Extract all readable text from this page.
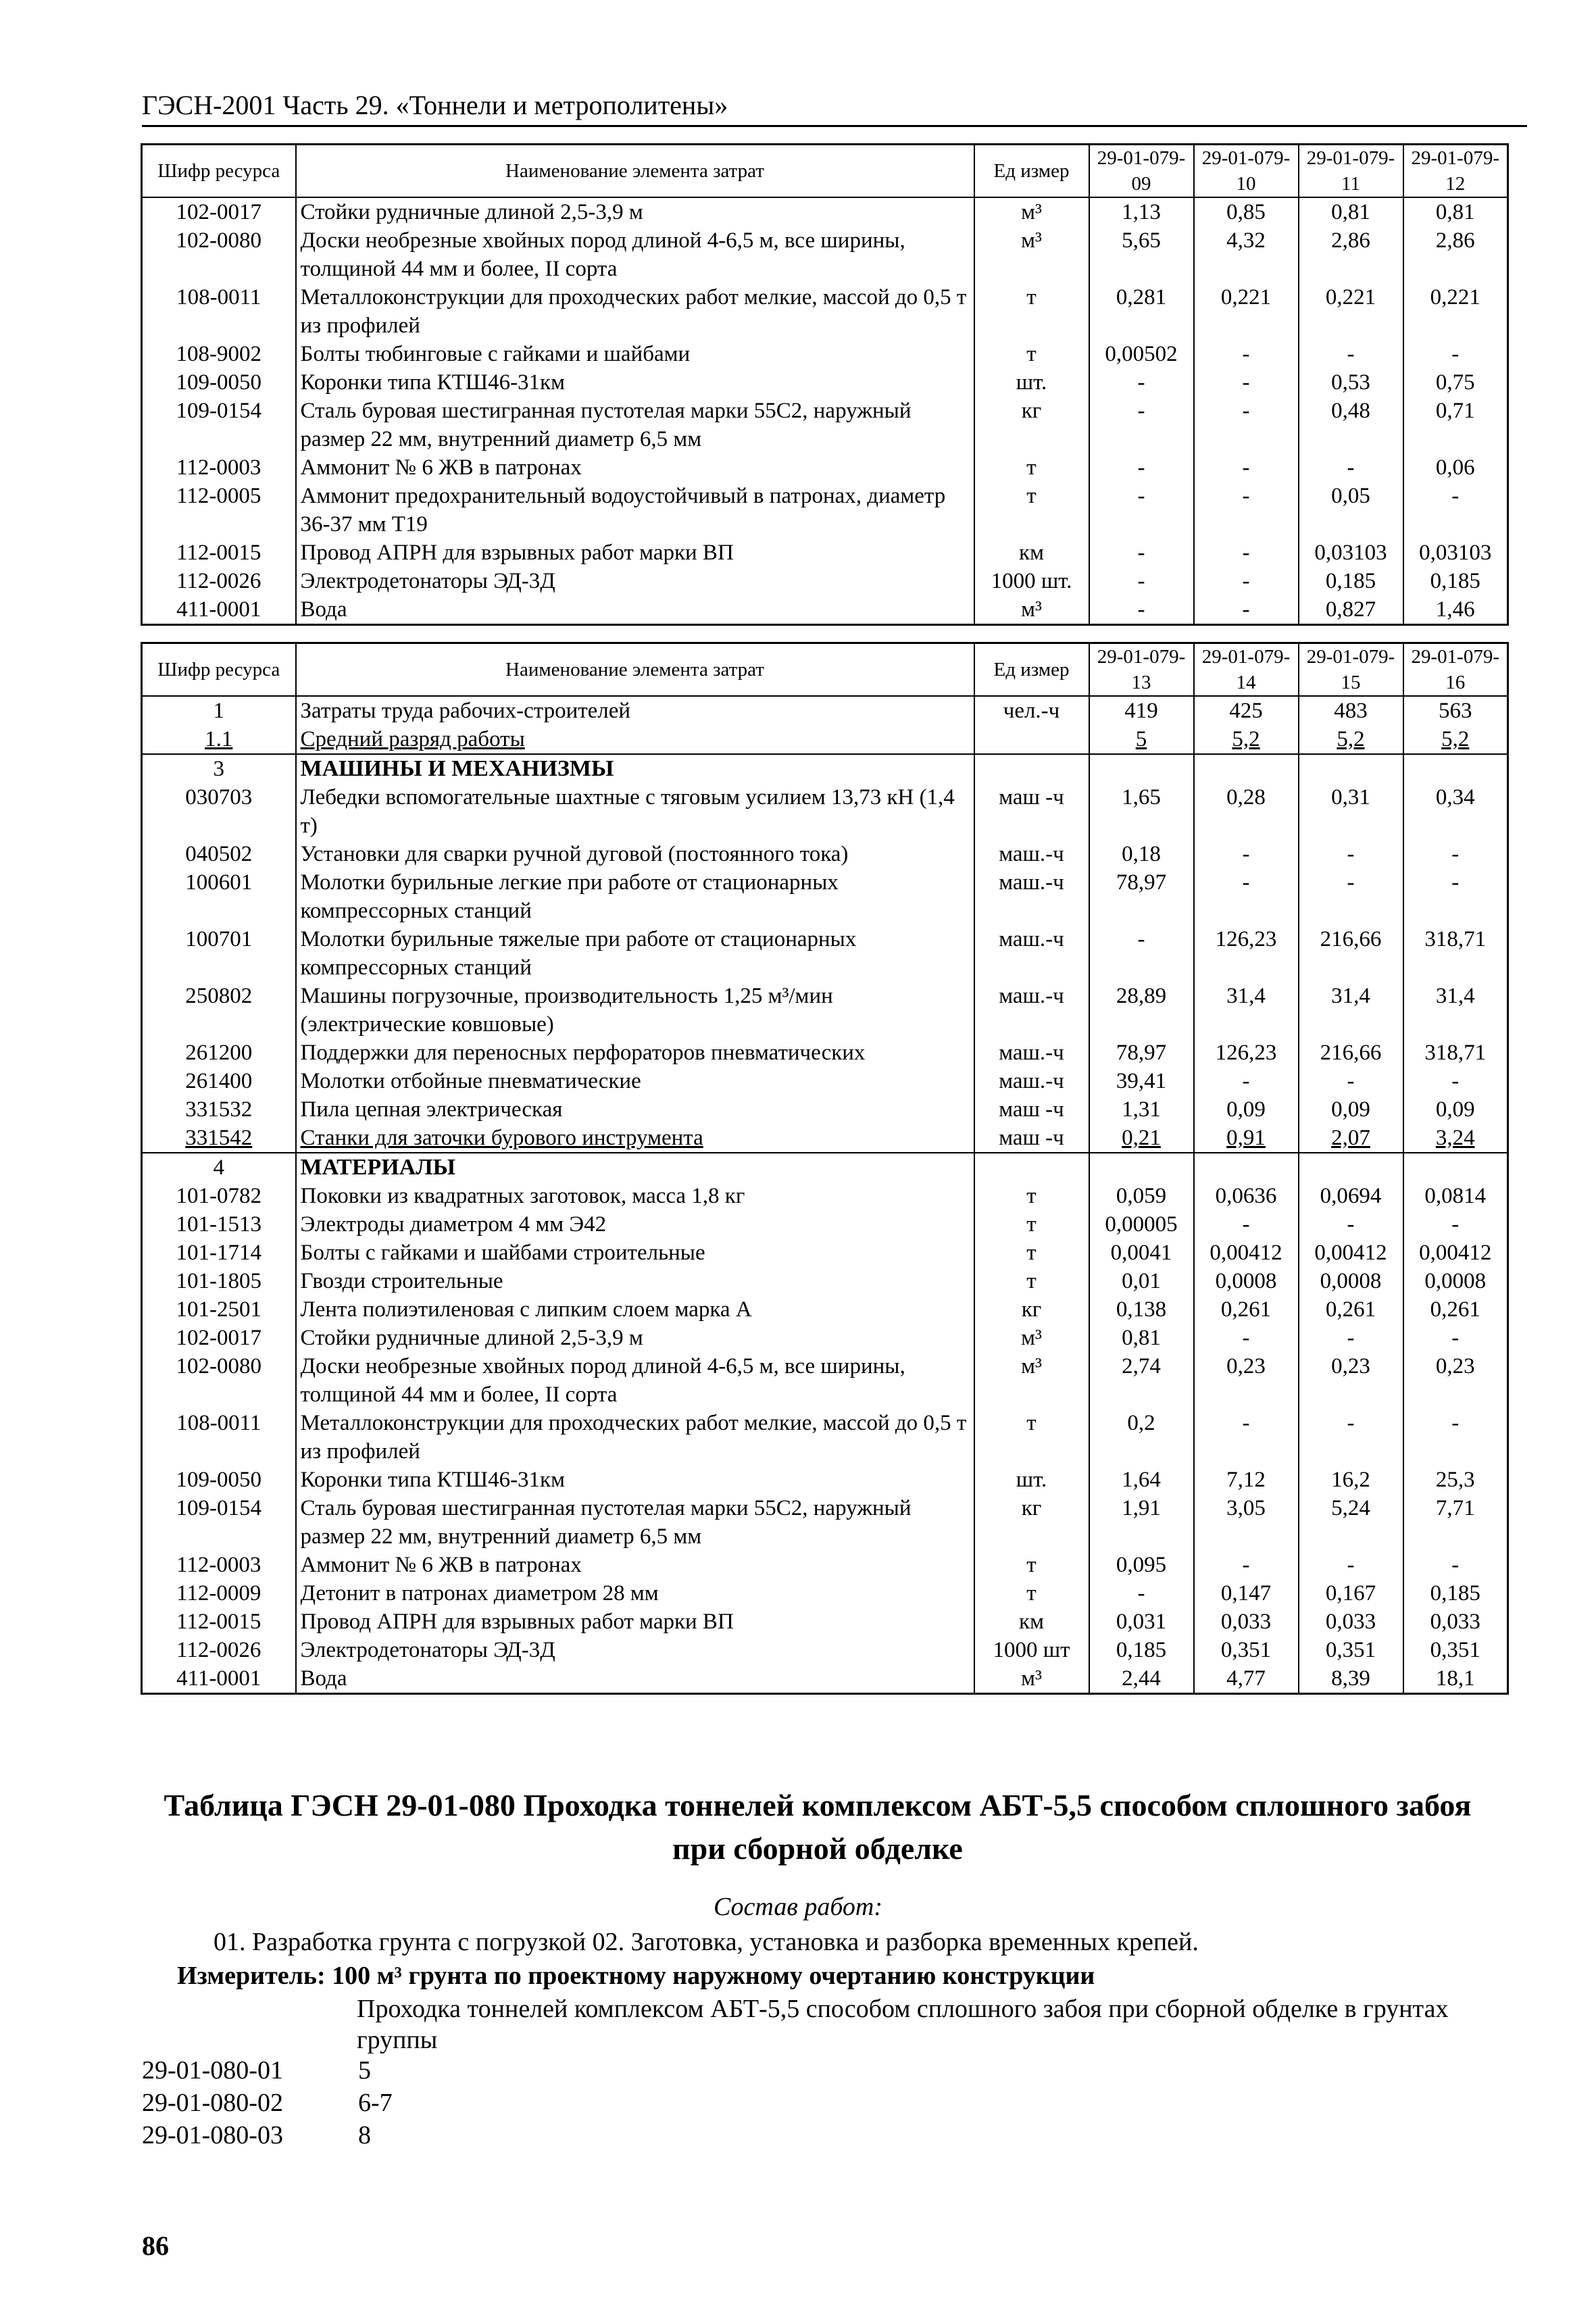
ГЭСН-2001 Часть 29. «Тоннели и метрополитены»
Шифр ресурса	Наименование элемента затрат	Ед измер	29-01-079-09	29-01-079-10	29-01-079-11	29-01-079-12
102-0017	Стойки рудничные длиной 2,5-3,9 м	м³	1,13	0,85	0,81	0,81
102-0080	Доски необрезные хвойных пород длиной 4-6,5 м, все ширины, толщиной 44 мм и более, II сорта	м³	5,65	4,32	2,86	2,86
108-0011	Металлоконструкции для проходческих работ мелкие, массой до 0,5 т из профилей	т	0,281	0,221	0,221	0,221
108-9002	Болты тюбинговые с гайками и шайбами	т	0,00502	-	-	-
109-0050	Коронки типа КТШ46-31км	шт.	-	-	0,53	0,75
109-0154	Сталь буровая шестигранная пустотелая марки 55С2, наружный размер 22 мм, внутренний диаметр 6,5 мм	кг	-	-	0,48	0,71
112-0003	Аммонит № 6 ЖВ в патронах	т	-	-	-	0,06
112-0005	Аммонит предохранительный водоустойчивый в патронах, диаметр 36-37 мм Т19	т	-	-	0,05	-
112-0015	Провод АПРН для взрывных работ марки ВП	км	-	-	0,03103	0,03103
112-0026	Электродетонаторы ЭД-3Д	1000 шт.	-	-	0,185	0,185
411-0001	Вода	м³	-	-	0,827	1,46
Шифр ресурса	Наименование элемента затрат	Ед измер	29-01-079-13	29-01-079-14	29-01-079-15	29-01-079-16
1	Затраты труда рабочих-строителей	чел.-ч	419	425	483	563
1.1	Средний разряд работы		5	5,2	5,2	5,2
3	МАШИНЫ И МЕХАНИЗМЫ					
030703	Лебедки вспомогательные шахтные с тяговым усилием 13,73 кН (1,4 т)	маш -ч	1,65	0,28	0,31	0,34
040502	Установки для сварки ручной дуговой (постоянного тока)	маш.-ч	0,18	-	-	-
100601	Молотки бурильные легкие при работе от стационарных компрессорных станций	маш.-ч	78,97	-	-	-
100701	Молотки бурильные тяжелые при работе от стационарных компрессорных станций	маш.-ч	-	126,23	216,66	318,71
250802	Машины погрузочные, производительность 1,25 м³/мин (электрические ковшовые)	маш.-ч	28,89	31,4	31,4	31,4
261200	Поддержки для переносных перфораторов пневматических	маш.-ч	78,97	126,23	216,66	318,71
261400	Молотки отбойные пневматические	маш.-ч	39,41	-	-	-
331532	Пила цепная электрическая	маш -ч	1,31	0,09	0,09	0,09
331542	Станки для заточки бурового инструмента	маш -ч	0,21	0,91	2,07	3,24
4	МАТЕРИАЛЫ					
101-0782	Поковки из квадратных заготовок, масса 1,8 кг	т	0,059	0,0636	0,0694	0,0814
101-1513	Электроды диаметром 4 мм Э42	т	0,00005	-	-	-
101-1714	Болты с гайками и шайбами строительные	т	0,0041	0,00412	0,00412	0,00412
101-1805	Гвозди строительные	т	0,01	0,0008	0,0008	0,0008
101-2501	Лента полиэтиленовая с липким слоем марка А	кг	0,138	0,261	0,261	0,261
102-0017	Стойки рудничные длиной 2,5-3,9 м	м³	0,81	-	-	-
102-0080	Доски необрезные хвойных пород длиной 4-6,5 м, все ширины, толщиной 44 мм и более, II сорта	м³	2,74	0,23	0,23	0,23
108-0011	Металлоконструкции для проходческих работ мелкие, массой до 0,5 т из профилей	т	0,2	-	-	-
109-0050	Коронки типа КТШ46-31км	шт.	1,64	7,12	16,2	25,3
109-0154	Сталь буровая шестигранная пустотелая марки 55С2, наружный размер 22 мм, внутренний диаметр 6,5 мм	кг	1,91	3,05	5,24	7,71
112-0003	Аммонит № 6 ЖВ в патронах	т	0,095	-	-	-
112-0009	Детонит в патронах диаметром 28 мм	т	-	0,147	0,167	0,185
112-0015	Провод АПРН для взрывных работ марки ВП	км	0,031	0,033	0,033	0,033
112-0026	Электродетонаторы ЭД-3Д	1000 шт	0,185	0,351	0,351	0,351
411-0001	Вода	м³	2,44	4,77	8,39	18,1
Таблица ГЭСН 29-01-080 Проходка тоннелей комплексом АБТ-5,5 способом сплошного забоя при сборной обделке
Состав работ:
01. Разработка грунта с погрузкой 02. Заготовка, установка и разборка временных крепей.
Измеритель: 100 м³ грунта по проектному наружному очертанию конструкции
Проходка тоннелей комплексом АБТ-5,5 способом сплошного забоя при сборной обделке в грунтах группы
29-01-080-01	5
29-01-080-02	6-7
29-01-080-03	8
86
